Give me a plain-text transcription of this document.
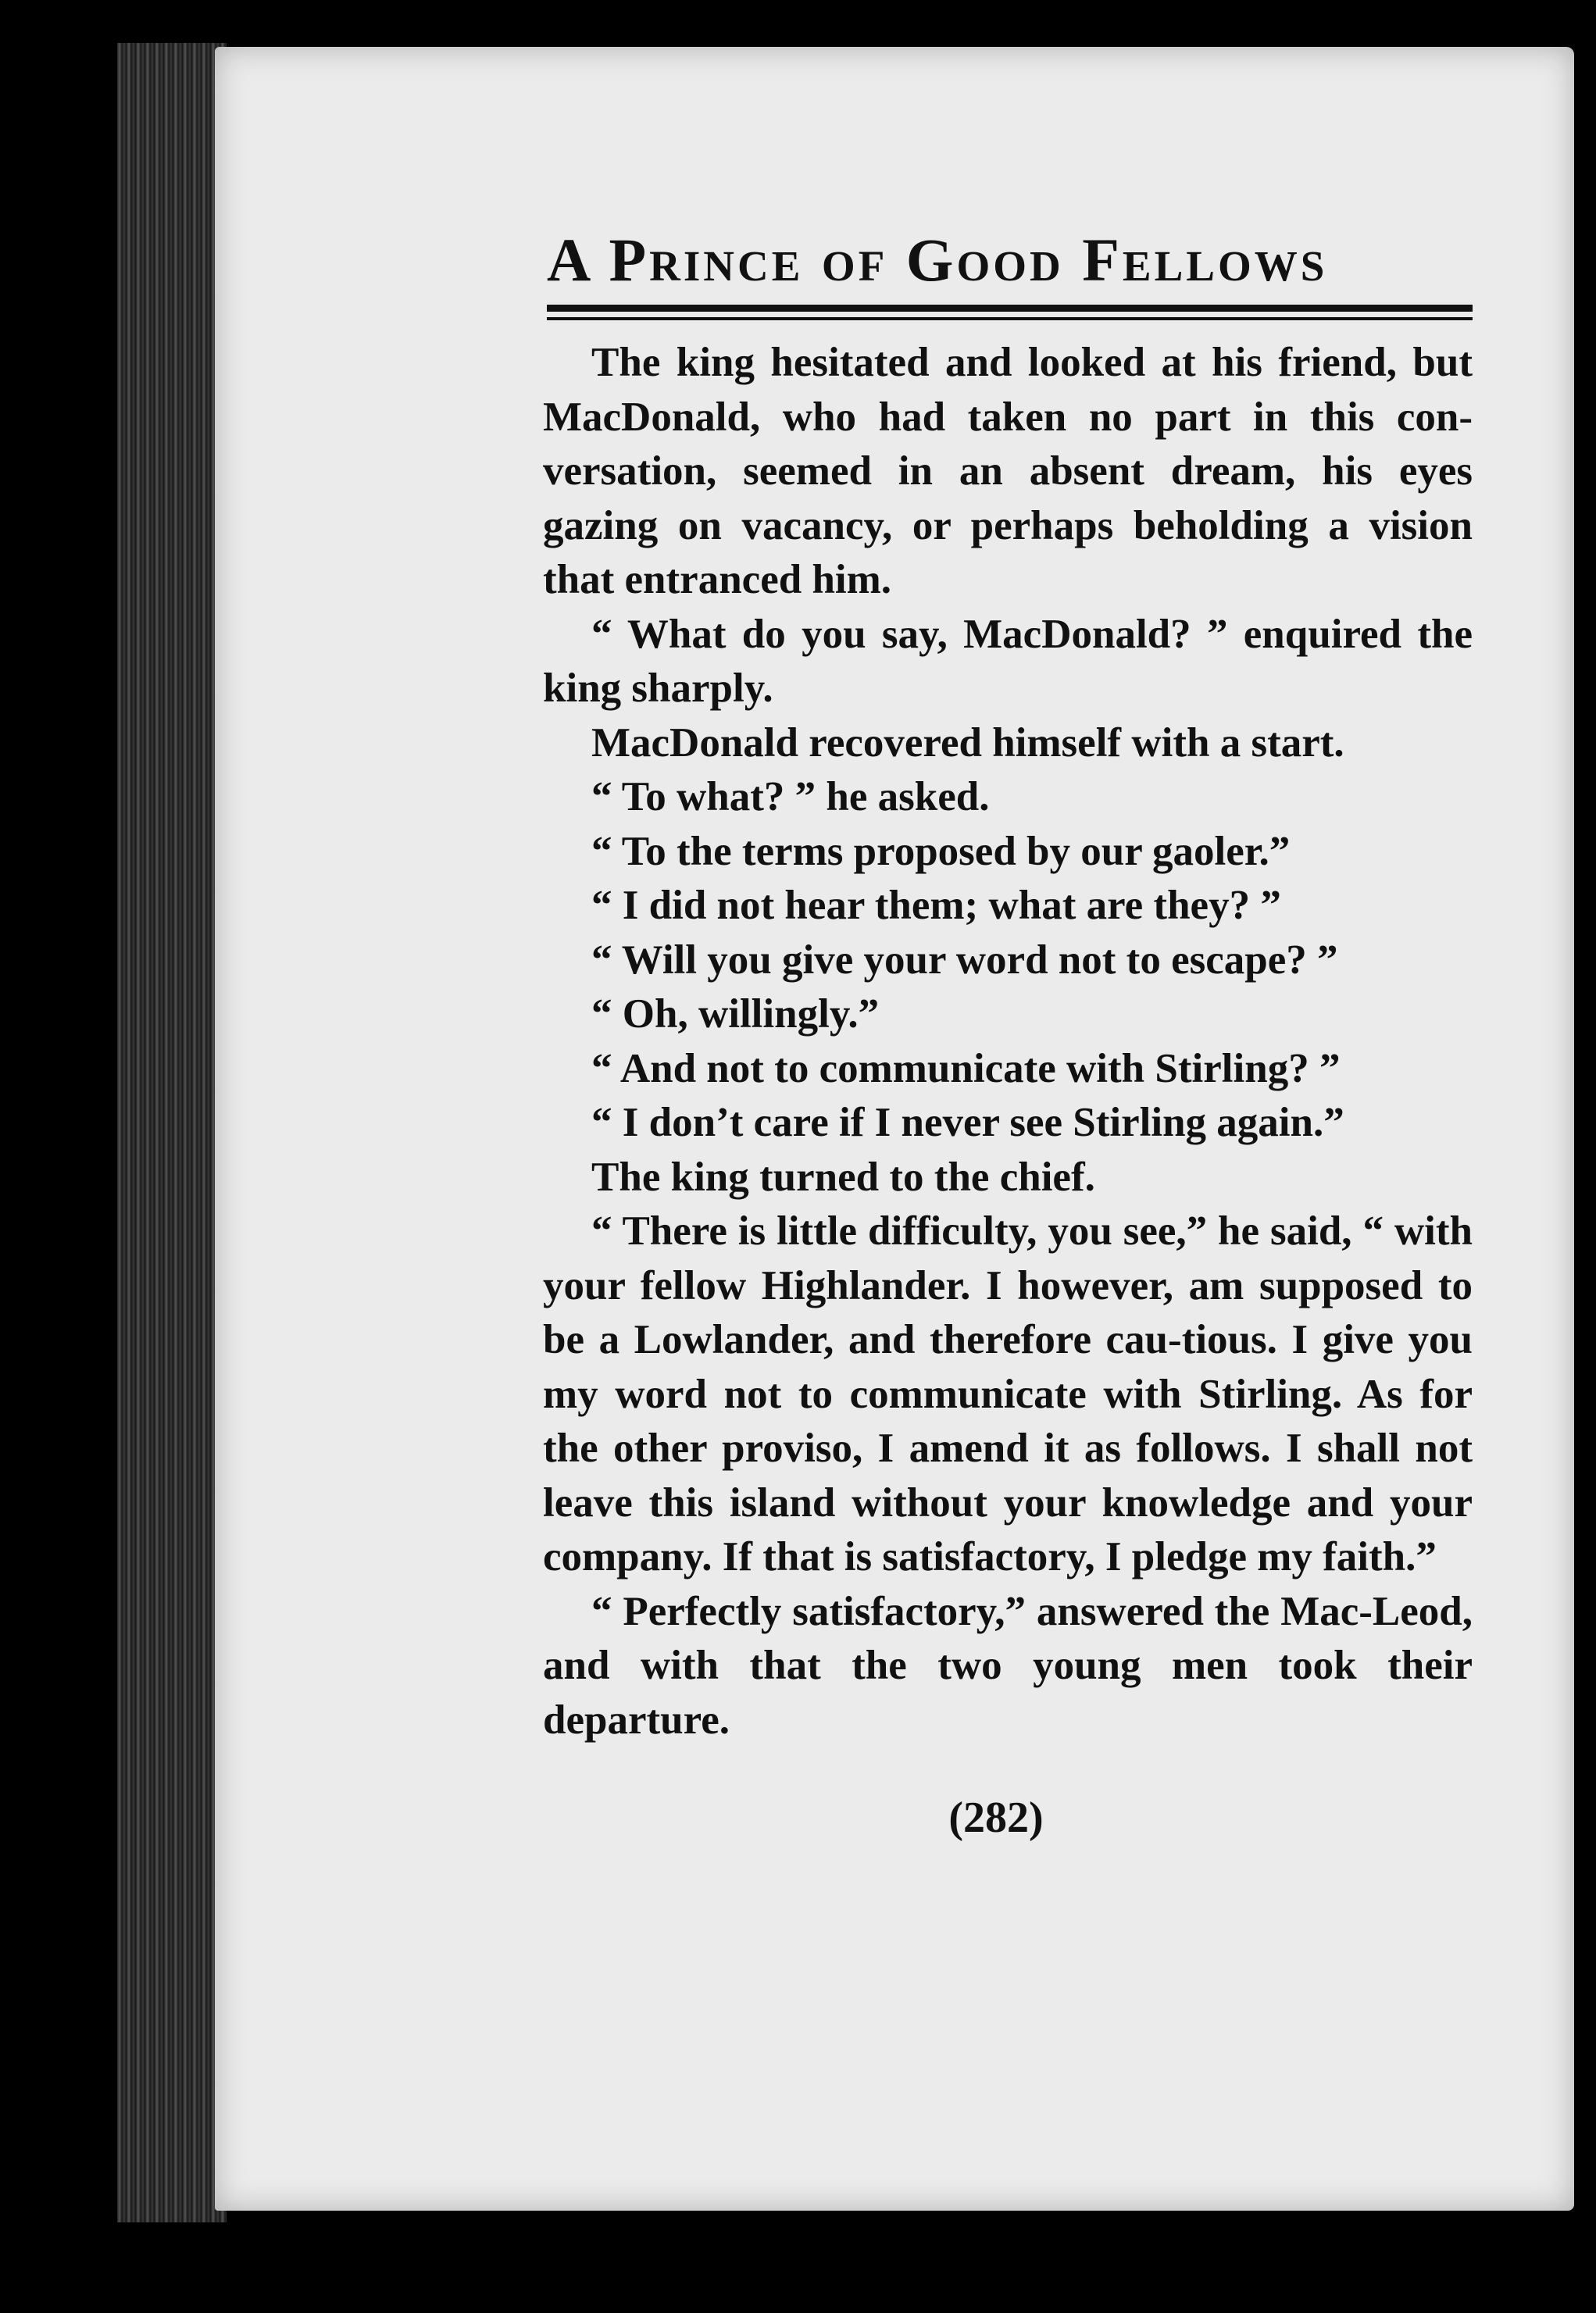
A Prince of Good Fellows

The king hesitated and looked at his friend, but MacDonald, who had taken no part in this con-versation, seemed in an absent dream, his eyes gazing on vacancy, or perhaps beholding a vision that entranced him.

“ What do you say, MacDonald? ” enquired the king sharply.

MacDonald recovered himself with a start.

“ To what? ” he asked.

“ To the terms proposed by our gaoler.”

“ I did not hear them; what are they? ”

“ Will you give your word not to escape? ”

“ Oh, willingly.”

“ And not to communicate with Stirling? ”

“ I don’t care if I never see Stirling again.”

The king turned to the chief.

“ There is little difficulty, you see,” he said, “ with your fellow Highlander. I however, am supposed to be a Lowlander, and therefore cau-tious. I give you my word not to communicate with Stirling. As for the other proviso, I amend it as follows. I shall not leave this island without your knowledge and your company. If that is satisfactory, I pledge my faith.”

“ Perfectly satisfactory,” answered the Mac-Leod, and with that the two young men took their departure.

(282)
